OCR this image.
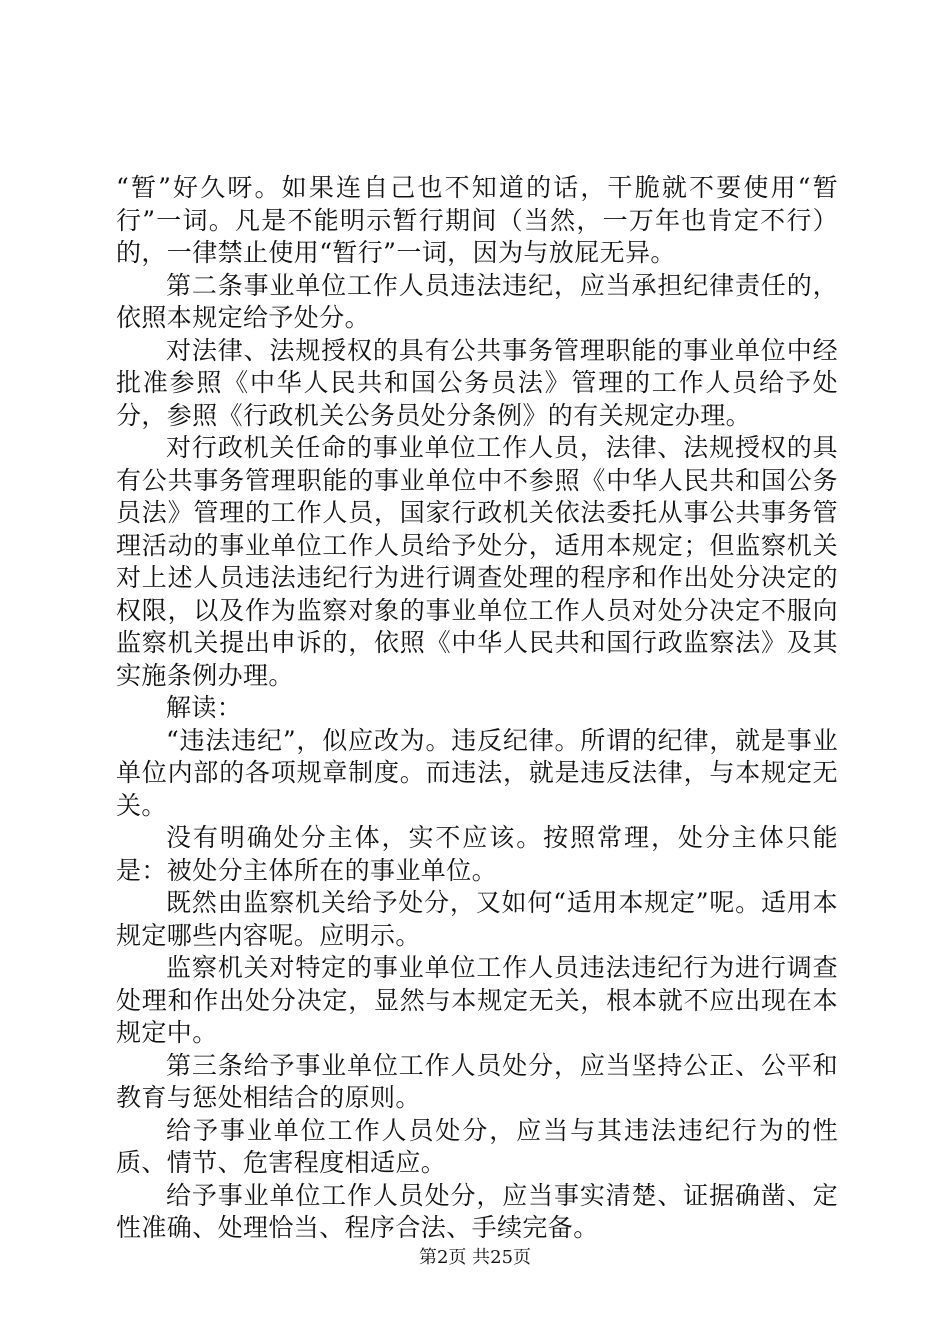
“暂”好久呀。如果连自己也不知道的话，干脆就不要使用“暂行”一词。凡是不能明示暂行期间（当然，一万年也肯定不行）的，一律禁止使用“暂行”一词，因为与放屁无异。

第二条事业单位工作人员违法违纪，应当承担纪律责任的，依照本规定给予处分。

对法律、法规授权的具有公共事务管理职能的事业单位中经批准参照《中华人民共和国公务员法》管理的工作人员给予处分，参照《行政机关公务员处分条例》的有关规定办理。

对行政机关任命的事业单位工作人员，法律、法规授权的具有公共事务管理职能的事业单位中不参照《中华人民共和国公务员法》管理的工作人员，国家行政机关依法委托从事公共事务管理活动的事业单位工作人员给予处分，适用本规定；但监察机关对上述人员违法违纪行为进行调查处理的程序和作出处分决定的权限，以及作为监察对象的事业单位工作人员对处分决定不服向监察机关提出申诉的，依照《中华人民共和国行政监察法》及其实施条例办理。

解读：

“违法违纪”，似应改为。违反纪律。所谓的纪律，就是事业单位内部的各项规章制度。而违法，就是违反法律，与本规定无关。

没有明确处分主体，实不应该。按照常理，处分主体只能是：被处分主体所在的事业单位。

既然由监察机关给予处分，又如何“适用本规定”呢。适用本规定哪些内容呢。应明示。

监察机关对特定的事业单位工作人员违法违纪行为进行调查处理和作出处分决定，显然与本规定无关，根本就不应出现在本规定中。

第三条给予事业单位工作人员处分，应当坚持公正、公平和教育与惩处相结合的原则。

给予事业单位工作人员处分，应当与其违法违纪行为的性质、情节、危害程度相适应。

给予事业单位工作人员处分，应当事实清楚、证据确凿、定性准确、处理恰当、程序合法、手续完备。

第2页 共25页
